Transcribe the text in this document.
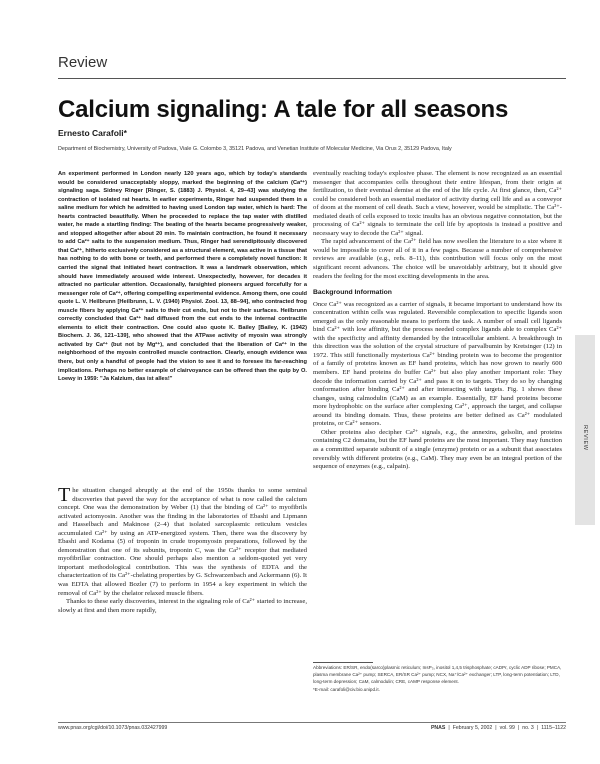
Review
Calcium signaling: A tale for all seasons
Ernesto Carafoli*
Department of Biochemistry, University of Padova, Viale G. Colombo 3, 35121 Padova, and Venetian Institute of Molecular Medicine, Via Orus 2, 35129 Padova, Italy
An experiment performed in London nearly 120 years ago, which by today's standards would be considered unacceptably sloppy, marked the beginning of the calcium (Ca²⁺) signaling saga. Sidney Ringer [Ringer, S. (1883) J. Physiol. 4, 29–43] was studying the contraction of isolated rat hearts. In earlier experiments, Ringer had suspended them in a saline medium for which he admitted to having used London tap water, which is hard: The hearts contracted beautifully. When he proceeded to replace the tap water with distilled water, he made a startling finding: The beating of the hearts became progressively weaker, and stopped altogether after about 20 min. To maintain contraction, he found it necessary to add Ca²⁺ salts to the suspension medium. Thus, Ringer had serendipitously discovered that Ca²⁺, hitherto exclusively considered as a structural element, was active in a tissue that has nothing to do with bone or teeth, and performed there a completely novel function: It carried the signal that initiated heart contraction. It was a landmark observation, which should have immediately aroused wide interest. Unexpectedly, however, for decades it attracted no particular attention. Occasionally, farsighted pioneers argued forcefully for a messenger role of Ca²⁺, offering compelling experimental evidence. Among them, one could quote L. V. Heilbrunn [Heilbrunn, L. V. (1940) Physiol. Zool. 13, 88–94], who contracted frog muscle fibers by applying Ca²⁺ salts to their cut ends, but not to their surfaces. Heilbrunn correctly concluded that Ca²⁺ had diffused from the cut ends to the internal contractile elements to elicit their contraction. One could also quote K. Bailey [Bailey, K. (1942) Biochem. J. 36, 121–139], who showed that the ATPase activity of myosin was strongly activated by Ca²⁺ (but not by Mg²⁺), and concluded that the liberation of Ca²⁺ in the neighborhood of the myosin controlled muscle contraction. Clearly, enough evidence was there, but only a handful of people had the vision to see it and to foresee its far-reaching implications. Perhaps no better example of clairvoyance can be offered than the quip by O. Loewy in 1959: "Ja Kalzium, das ist alles!"

The situation changed abruptly at the end of the 1950s thanks to some seminal discoveries that paved the way for the acceptance of what is now called the calcium concept. One was the demonstration by Weber (1) that the binding of Ca²⁺ to myofibrils activated actomyosin. Another was the finding in the laboratories of Ebashi and Lipmann and Hasselbach and Makinose (2–4) that isolated sarcoplasmic reticulum vesicles accumulated Ca²⁺ by using an ATP-energized system. Then, there was the discovery by Ebashi and Kodama (5) of troponin in crude tropomyosin preparations, followed by the demonstration that one of its subunits, troponin C, was the Ca²⁺ receptor that mediated myofibrillar contraction. One should perhaps also mention a seldom-quoted yet very important methodological contribution. This was the synthesis of EDTA and the characterization of its Ca²⁺-chelating properties by G. Schwarzenbach and Ackermann (6). It was EDTA that allowed Bozler (7) to perform in 1954 a key experiment in which the removal of Ca²⁺ by the chelator relaxed muscle fibers.

Thanks to these early discoveries, interest in the signaling role of Ca²⁺ started to increase, slowly at first and then more rapidly,

eventually reaching today's explosive phase. The element is now recognized as an essential messenger that accompanies cells throughout their entire lifespan, from their origin at fertilization, to their eventual demise at the end of the life cycle. At first glance, then, Ca²⁺ could be considered both an essential mediator of activity during cell life and as a conveyor of doom at the moment of cell death. Such a view, however, would be simplistic. The Ca²⁺-mediated death of cells exposed to toxic insults has an obvious negative connotation, but the processing of Ca²⁺ signals to terminate the cell life by apoptosis is instead a positive and necessary way to decode the Ca²⁺ signal.

The rapid advancement of the Ca²⁺ field has now swollen the literature to a size where it would be impossible to cover all of it in a few pages. Because a number of comprehensive reviews are available (e.g., refs. 8–11), this contribution will focus only on the most significant recent advances. The choice will be unavoidably arbitrary, but it should give readers the feeling for the most exciting developments in the area.

Background Information

Once Ca²⁺ was recognized as a carrier of signals, it became important to understand how its concentration within cells was regulated. Reversible complexation to specific ligands soon emerged as the only reasonable means to perform the task. A number of small cell ligands bind Ca²⁺ with low affinity, but the process needed complex ligands able to complex Ca²⁺ with the specificity and affinity demanded by the intracellular ambient. A breakthrough in this direction was the solution of the crystal structure of parvalbumin by Kretsinger (12) in 1972. This still functionally mysterious Ca²⁺ binding protein was to become the progenitor of a family of proteins known as EF hand proteins, which has now grown to nearly 600 members. EF hand proteins do buffer Ca²⁺ but also play another important role: They decode the information carried by Ca²⁺ and pass it on to targets. They do so by changing conformation after binding Ca²⁺ and after interacting with targets. Fig. 1 shows these changes, using calmodulin (CaM) as an example. Essentially, EF hand proteins become more hydrophobic on the surface after complexing Ca²⁺, approach the target, and collapse around its binding domain. Thus, these proteins are better defined as Ca²⁺ modulated proteins, or Ca²⁺ sensors.

Other proteins also decipher Ca²⁺ signals, e.g., the annexins, gelsolin, and proteins containing C2 domains, but the EF hand proteins are the most important. They may function as a committed separate subunit of a single (enzyme) protein or as a subunit that associates reversibly with different proteins (e.g., CaM). They may even be an integral portion of the sequence of enzymes (e.g., calpain).

Abbreviations: ER/SR, endo(sarco)plasmic reticulum; InsP₃, inositol 1,4,5 trisphosphate; cADPr, cyclic ADP ribose; PMCA, plasma membrane Ca²⁺ pump; SERCA, ER/SR Ca²⁺ pump; NCX, Na⁺/Ca²⁺ exchanger; LTP, long-term potentiation; LTD, long-term depression; CaM, calmodulin; CRE, cAMP response element.
*E-mail: carafoli@civ.bio.unipd.it.
REVIEW
www.pnas.org/cgi/doi/10.1073/pnas.032427999	PNAS | February 5, 2002 | vol. 99 | no. 3 | 1115–1122
